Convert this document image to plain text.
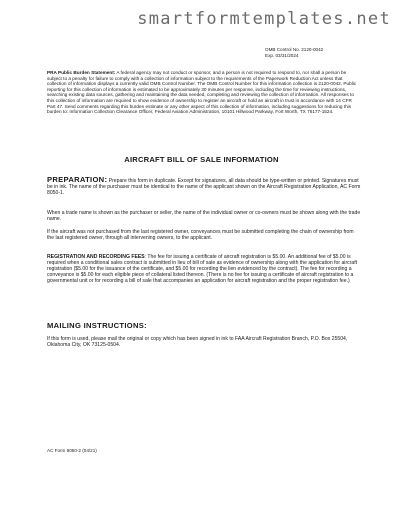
smartformtemplates.net
OMB Control No. 2120-0042
Exp. 03/31/2024
PRA Public Burden Statement: A federal agency may not conduct or sponsor, and a person is not required to respond to, nor shall a person be subject to a penalty for failure to comply with a collection of information subject to the requirements of the Paperwork Reduction Act unless that collection of information displays a currently valid OMB Control Number. The OMB Control Number for this information collection is 2120-0042. Public reporting for this collection of information is estimated to be approximately 30 minutes per response, including the time for reviewing instructions, searching existing data sources, gathering and maintaining the data needed, completing and reviewing the collection of information. All responses to this collection of information are required to show evidence of ownership to register an aircraft or hold an aircraft in trust in accordance with 14 CFR Part 47. Send comments regarding this burden estimate or any other aspect of this collection of information, including suggestions for reducing this burden to: Information Collection Clearance Officer, Federal Aviation Administration, 10101 Hillwood Parkway, Fort Worth, TX 76177-1524.
AIRCRAFT BILL OF SALE INFORMATION
PREPARATION: Prepare this form in duplicate. Except for signatures, all data should be type-written or printed. Signatures must be in ink. The name of the purchaser must be identical to the name of the applicant shown on the Aircraft Registration Application, AC Form 8050-1.
When a trade name is shown as the purchaser or seller, the name of the individual owner or co-owners must be shown along with the trade name.
If the aircraft was not purchased from the last registered owner, conveyances must be submitted completing the chain of ownership from the last registered owner, through all intervening owners, to the applicant.
REGISTRATION AND RECORDING FEES: The fee for issuing a certificate of aircraft registration is $5.00. An additional fee of $5.00 is required when a conditional sales contract is submitted in lieu of bill of sale as evidence of ownership along with the application for aircraft registration ($5.00 for the issuance of the certificate, and $5.00 for recording the lien evidenced by the contract). The fee for recording a conveyance is $5.00 for each eligible piece of collateral listed thereon. (There is no fee for issuing a certificate of aircraft registration to a governmental unit or for recording a bill of sale that accompanies an application for aircraft registration and the proper registration fee.)
MAILING INSTRUCTIONS:
If this form is used, please mail the original or copy which has been signed in ink to FAA Aircraft Registration Branch, P.O. Box 25504, Oklahoma City, OK 73125-0504.
AC Form 8050-2 (04/21)
